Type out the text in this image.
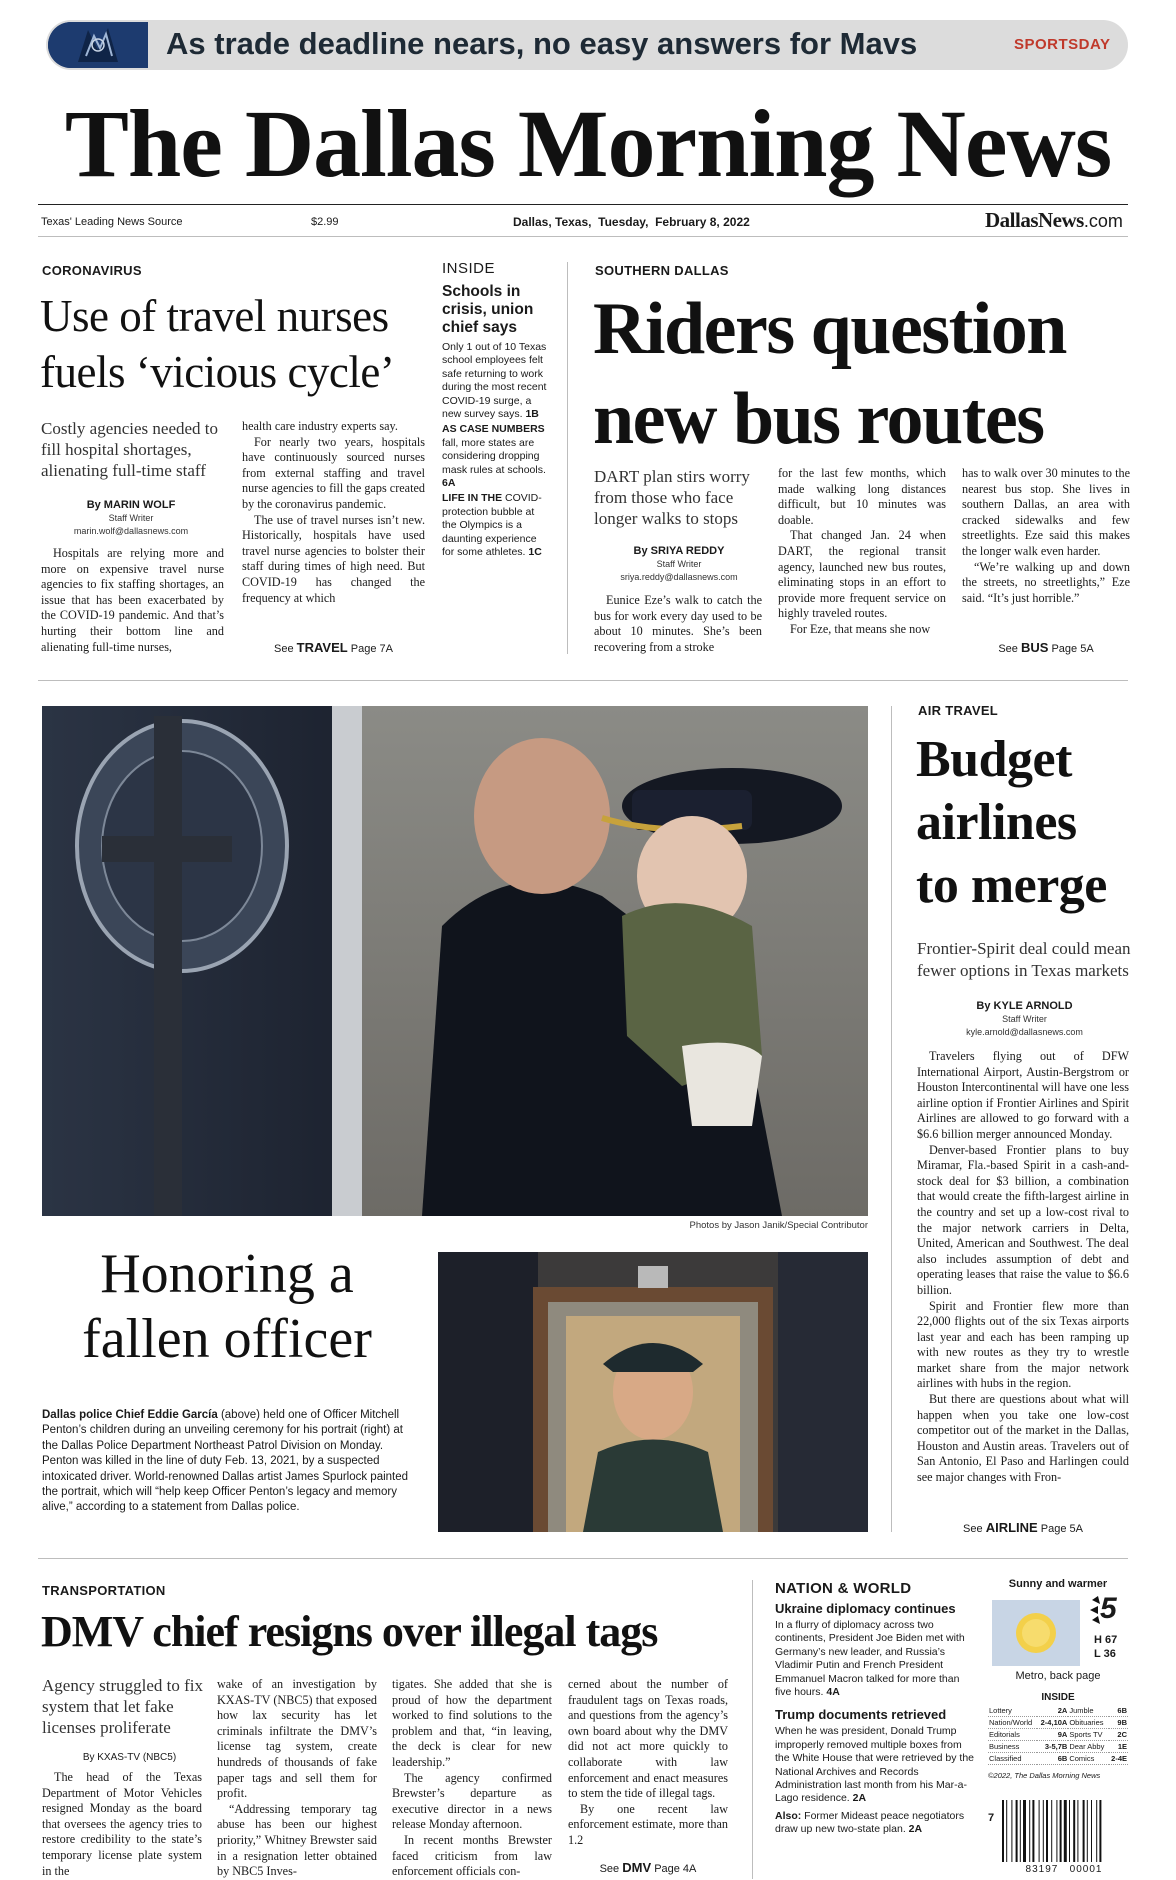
As trade deadline nears, no easy answers for Mavs	SPORTSDAY
The Dallas Morning News
Texas' Leading News Source	$2.99	Dallas, Texas,  Tuesday,  February 8, 2022	DallasNews.com
CORONAVIRUS
Use of travel nurses
fuels ‘vicious cycle’
Costly agencies needed to fill hospital shortages, alienating full-time staff
By MARIN WOLF
Staff Writer
marin.wolf@dallasnews.com

Hospitals are relying more and more on expensive travel nurse agencies to fix staffing shortages, an issue that has been exacerbated by the COVID-19 pandemic. And that’s hurting their bottom line and alienating full-time nurses,

health care industry experts say.

For nearly two years, hospitals have continuously sourced nurses from external staffing and travel nurse agencies to fill the gaps created by the coronavirus pandemic.

The use of travel nurses isn’t new. Historically, hospitals have used travel nurse agencies to bolster their staff during times of high need. But COVID-19 has changed the frequency at which

See TRAVEL Page 7A
INSIDE
Schools in crisis, union chief says
Only 1 out of 10 Texas school employees felt safe returning to work during the most recent COVID-19 surge, a new survey says. 1B
AS CASE NUMBERS fall, more states are considering dropping mask rules at schools. 6A
LIFE IN THE COVID-protection bubble at the Olympics is a daunting experience for some athletes. 1C
SOUTHERN DALLAS
Riders question
new bus routes
DART plan stirs worry from those who face longer walks to stops
By SRIYA REDDY
Staff Writer
sriya.reddy@dallasnews.com

Eunice Eze’s walk to catch the bus for work every day used to be about 10 minutes. She’s been recovering from a stroke

for the last few months, which made walking long distances difficult, but 10 minutes was doable.

That changed Jan. 24 when DART, the regional transit agency, launched new bus routes, eliminating stops in an effort to provide more frequent service on highly traveled routes.

For Eze, that means she now

has to walk over 30 minutes to the nearest bus stop. She lives in southern Dallas, an area with cracked sidewalks and few streetlights. Eze said this makes the longer walk even harder.

“We’re walking up and down the streets, no streetlights,” Eze said. “It’s just horrible.”

See BUS Page 5A
Photos by Jason Janik/Special Contributor
Honoring a
fallen officer
Dallas police Chief Eddie García (above) held one of Officer Mitchell Penton’s children during an unveiling ceremony for his portrait (right) at the Dallas Police Department Northeast Patrol Division on Monday. Penton was killed in the line of duty Feb. 13, 2021, by a suspected intoxicated driver. World-renowned Dallas artist James Spurlock painted the portrait, which will “help keep Officer Penton’s legacy and memory alive,” according to a statement from Dallas police.
AIR TRAVEL
Budget
airlines
to merge
Frontier-Spirit deal could mean fewer options in Texas markets
By KYLE ARNOLD
Staff Writer
kyle.arnold@dallasnews.com

Travelers flying out of DFW International Airport, Austin-Bergstrom or Houston Intercontinental will have one less airline option if Frontier Airlines and Spirit Airlines are allowed to go forward with a $6.6 billion merger announced Monday.

Denver-based Frontier plans to buy Miramar, Fla.-based Spirit in a cash-and-stock deal for $3 billion, a combination that would create the fifth-largest airline in the country and set up a low-cost rival to the major network carriers in Delta, United, American and Southwest. The deal also includes assumption of debt and operating leases that raise the value to $6.6 billion.

Spirit and Frontier flew more than 22,000 flights out of the six Texas airports last year and each has been ramping up with new routes as they try to wrestle market share from the major network airlines with hubs in the region.

But there are questions about what will happen when you take one low-cost competitor out of the market in the Dallas, Houston and Austin areas. Travelers out of San Antonio, El Paso and Harlingen could see major changes with Fron-

See AIRLINE Page 5A
TRANSPORTATION
DMV chief resigns over illegal tags
Agency struggled to fix system that let fake licenses proliferate
By KXAS-TV (NBC5)

The head of the Texas Department of Motor Vehicles resigned Monday as the board that oversees the agency tries to restore credibility to the state’s temporary license plate system in the

wake of an investigation by KXAS-TV (NBC5) that exposed how lax security has let criminals infiltrate the DMV’s license tag system, create hundreds of thousands of fake paper tags and sell them for profit.

“Addressing temporary tag abuse has been our highest priority,” Whitney Brewster said in a resignation letter obtained by NBC5 Inves-

tigates. She added that she is proud of how the department worked to find solutions to the problem and that, “in leaving, the deck is clear for new leadership.”

The agency confirmed Brewster’s departure as executive director in a news release Monday afternoon.

In recent months Brewster faced criticism from law enforcement officials con-

cerned about the number of fraudulent tags on Texas roads, and questions from the agency’s own board about why the DMV did not act more quickly to collaborate with law enforcement and enact measures to stem the tide of illegal tags.

By one recent law enforcement estimate, more than 1.2

See DMV Page 4A
NATION & WORLD
Ukraine diplomacy continues
In a flurry of diplomacy across two continents, President Joe Biden met with Germany’s new leader, and Russia’s Vladimir Putin and French President Emmanuel Macron talked for more than five hours. 4A
Trump documents retrieved
When he was president, Donald Trump improperly removed multiple boxes from the White House that were retrieved by the National Archives and Records Administration last month from his Mar-a-Lago residence. 2A
Also: Former Mideast peace negotiators draw up new two-state plan. 2A
Sunny and warmer
5
H 67
L 36
Metro, back page
INSIDE
Lottery	2A	Jumble	6B
Nation/World	2-4,10A	Obituaries	9B
Editorials	9A	Sports TV	2C
Business	3-5,7B	Dear Abby	1E
Classified	6B	Comics	2-4E
©2022, The Dallas Morning News
7
83197   00001
